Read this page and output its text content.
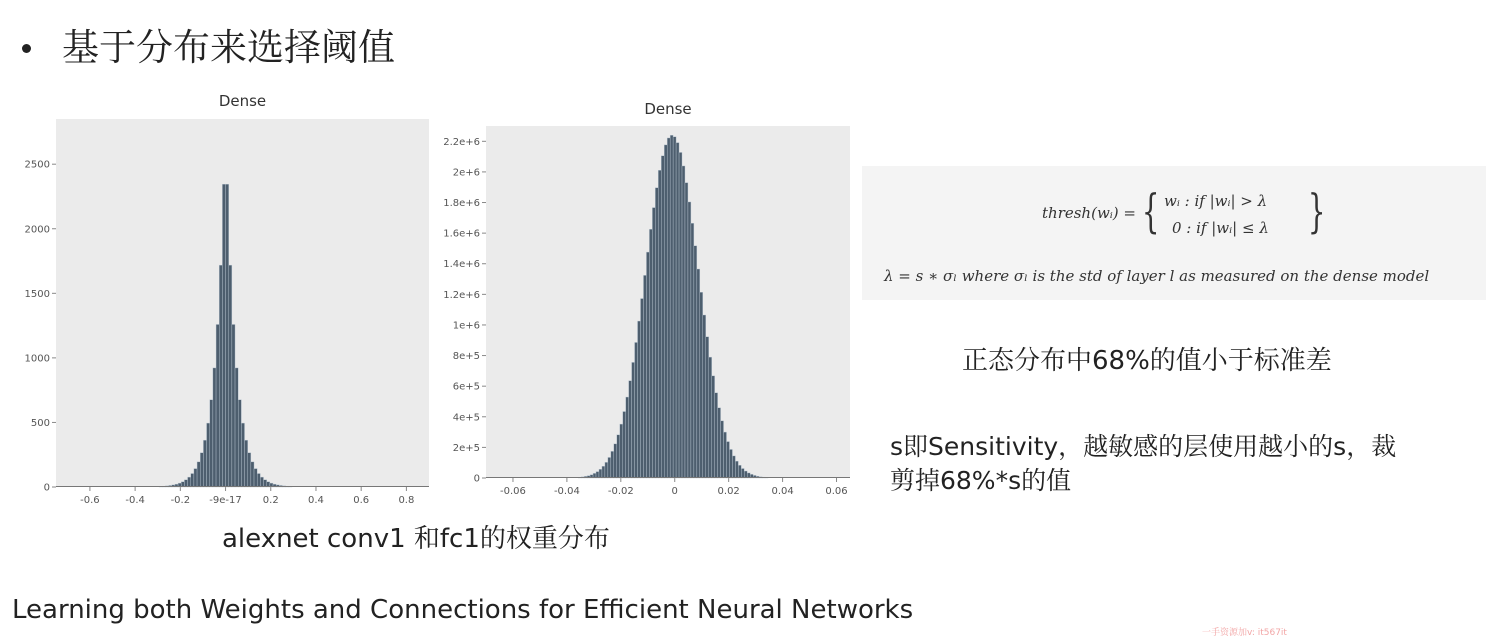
基于分布来选择阈值
Dense
0
500
1000
1500
2000
2500
-0.6	-0.4	-0.2 -9e-17 0.2	0.4	0.6	0.8
Dense
0
2e+5
4e+5
6e+5
8e+5
1e+6
1.2e+6
1.4e+6
1.6e+6
1.8e+6
2e+6
2.2e+6
-0.06	-0.04	-0.02	0	0.02	0.04	0.06
thresh(wᵢ) = { wᵢ : if |wᵢ| > λ
0 : if |wᵢ| ≤ λ }
λ = s ∗ σₗ where σₗ is the std of layer l as measured on the dense model
正态分布中68%的值小于标准差
s即Sensitivity，越敏感的层使用越小的s，裁
剪掉68%*s的值
alexnet conv1 和fc1的权重分布
Learning both Weights and Connections for Efficient Neural Networks
一手资源加v: it567it
